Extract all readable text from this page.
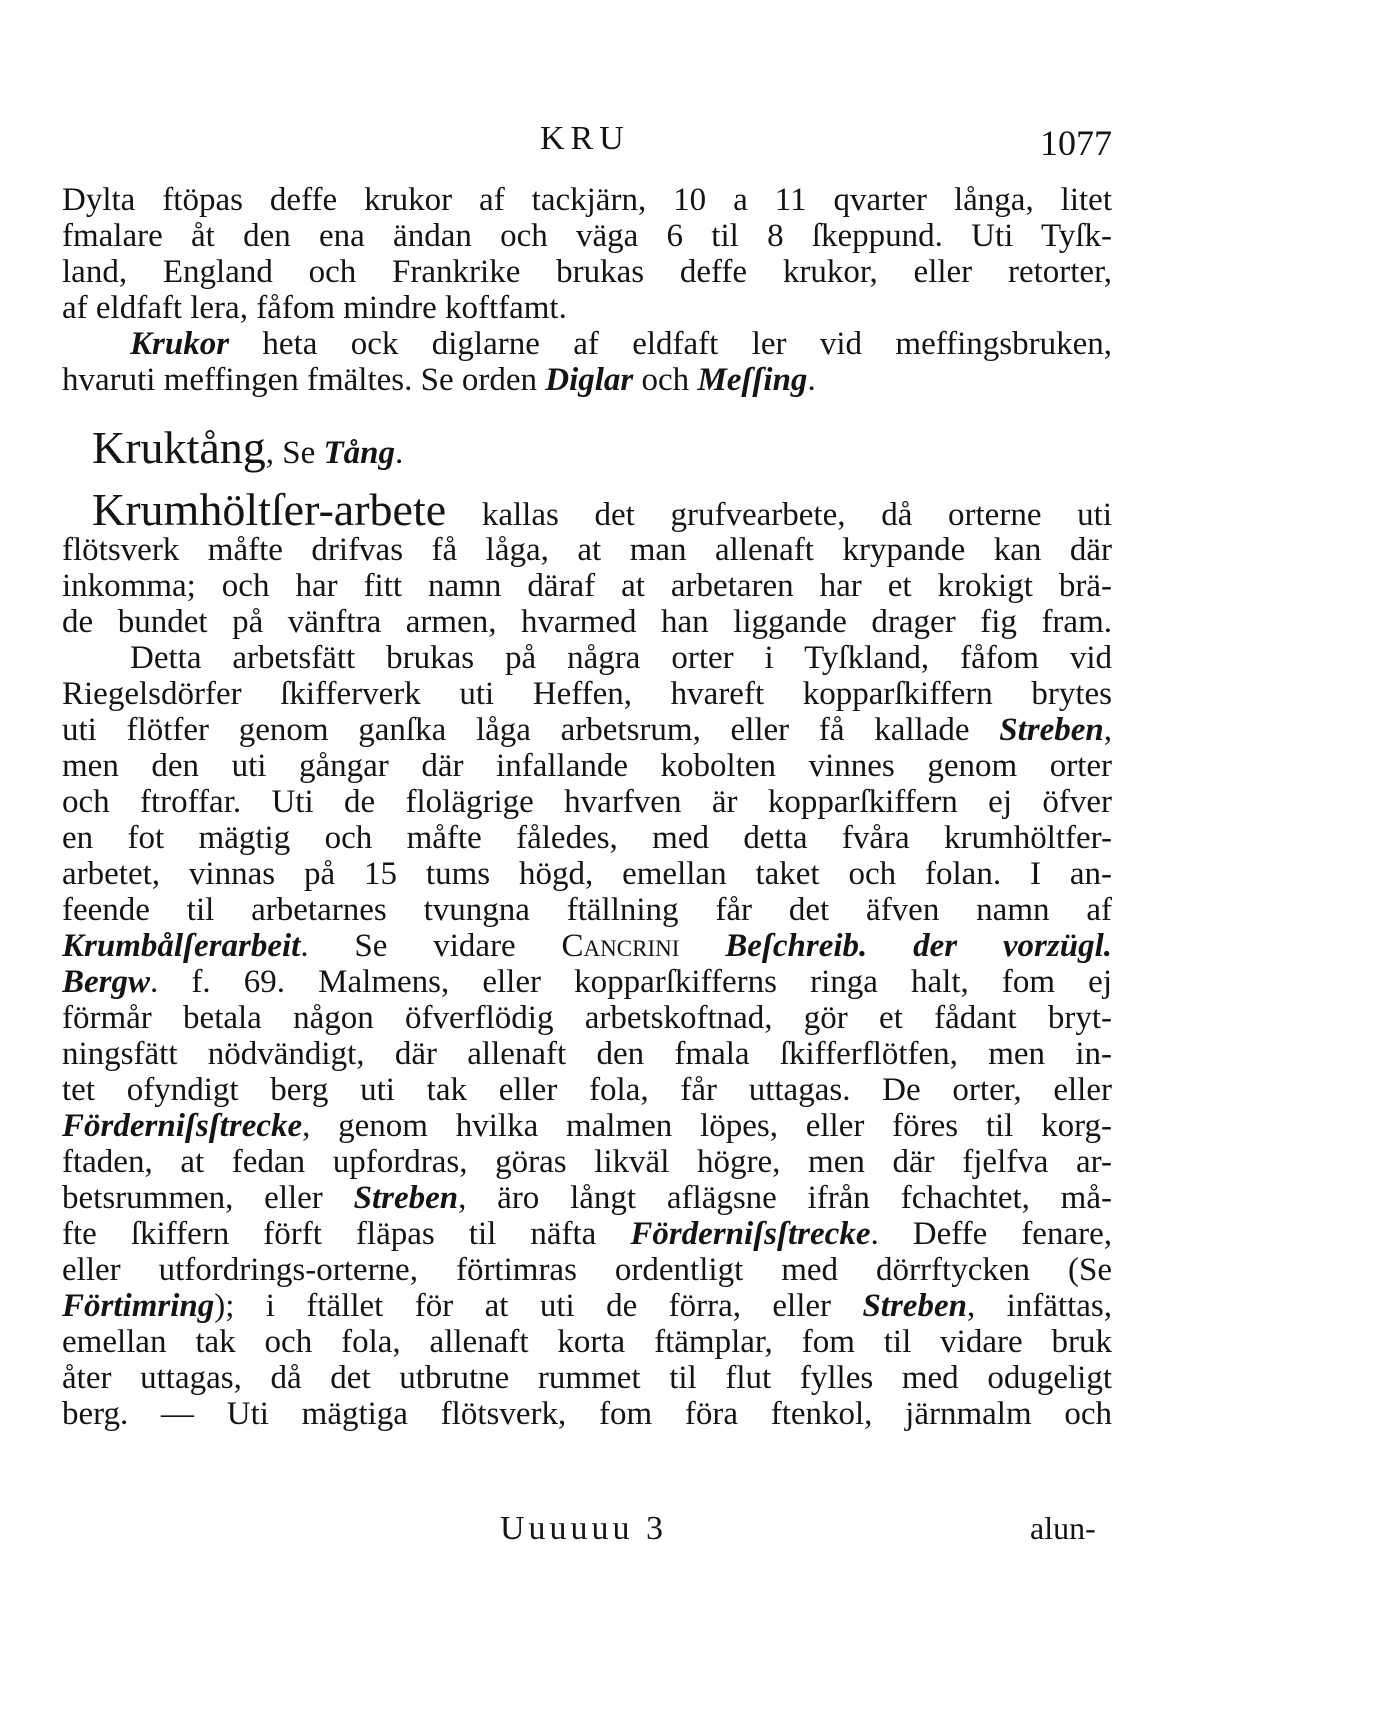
KRU	1077
Dylta ftöpas deffe krukor af tackjärn, 10 a 11 qvarter långa, litet
fmalare åt den ena ändan och väga 6 til 8 ſkeppund. Uti Tyſk-
land, England och Frankrike brukas deffe krukor, eller retorter,
af eldfaft lera, fåfom mindre koftfamt.
Krukor heta ock diglarne af eldfaft ler vid meffingsbruken,
hvaruti meffingen fmältes. Se orden Diglar och Meſſing.
Kruktång, Se Tång.
Krumhöltſer-arbete kallas det grufvearbete, då orterne uti
flötsverk måfte drifvas få låga, at man allenaft krypande kan där
inkomma; och har fitt namn däraf at arbetaren har et krokigt brä-
de bundet på vänftra armen, hvarmed han liggande drager fig fram.
Detta arbetsfätt brukas på några orter i Tyſkland, fåfom vid
Riegelsdörfer ſkifferverk uti Heffen, hvareft kopparſkiffern brytes
uti flötfer genom ganſka låga arbetsrum, eller få kallade Streben,
men den uti gångar där infallande kobolten vinnes genom orter
och ftroffar. Uti de flolägrige hvarfven är kopparſkiffern ej öfver
en fot mägtig och måfte fåledes, med detta fvåra krumhöltfer-
arbetet, vinnas på 15 tums högd, emellan taket och folan. I an-
feende til arbetarnes tvungna ftällning får det äfven namn af
Krumbålſerarbeit. Se vidare Cancrini Beſchreib. der vorzügl.
Bergw. f. 69. Malmens, eller kopparſkifferns ringa halt, fom ej
förmår betala någon öfverflödig arbetskoftnad, gör et fådant bryt-
ningsfätt nödvändigt, där allenaft den fmala ſkifferflötfen, men in-
tet ofyndigt berg uti tak eller fola, får uttagas. De orter, eller
Förderniſsſtrecke, genom hvilka malmen löpes, eller föres til korg-
ftaden, at fedan upfordras, göras likväl högre, men där fjelfva ar-
betsrummen, eller Streben, äro långt aflägsne ifrån fchachtet, må-
fte ſkiffern förft fläpas til näfta Förderniſsſtrecke. Deffe fenare,
eller utfordrings-orterne, förtimras ordentligt med dörrftycken (Se
Förtimring); i ftället för at uti de förra, eller Streben, infättas,
emellan tak och fola, allenaft korta ftämplar, fom til vidare bruk
åter uttagas, då det utbrutne rummet til flut fylles med odugeligt
berg. — Uti mägtiga flötsverk, fom föra ftenkol, järnmalm och
Uuuuuu 3	alun-
